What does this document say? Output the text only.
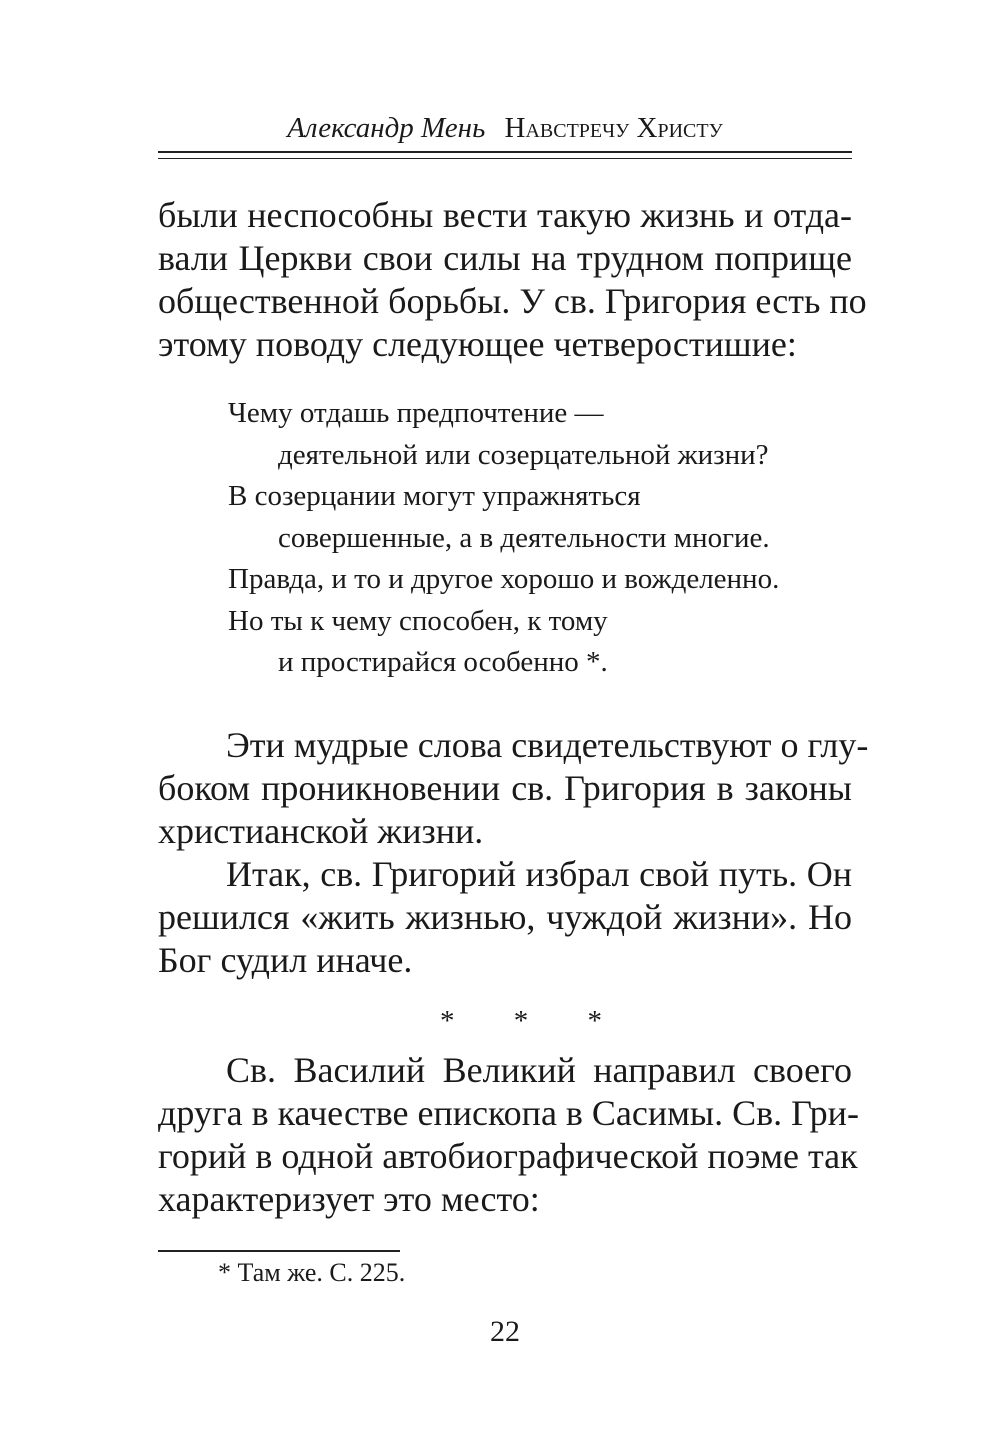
Александр Мень Навстречу Христу
были неспособны вести такую жизнь и отда-
вали Церкви свои силы на трудном поприще
общественной борьбы. У св. Григория есть по
этому поводу следующее четверостишие:
Чему отдашь предпочтение —
деятельной или созерцательной жизни?
В созерцании могут упражняться
совершенные, а в деятельности многие.
Правда, и то и другое хорошо и вожделенно.
Но ты к чему способен, к тому
и простирайся особенно *.
Эти мудрые слова свидетельствуют о глу-
боком проникновении св. Григория в законы
христианской жизни.
Итак, св. Григорий избрал свой путь. Он
решился «жить жизнью, чуждой жизни». Но
Бог судил иначе.
* * *
Св. Василий Великий направил своего
друга в качестве епископа в Сасимы. Св. Гри-
горий в одной автобиографической поэме так
характеризует это место:
* Там же. С. 225.
22
